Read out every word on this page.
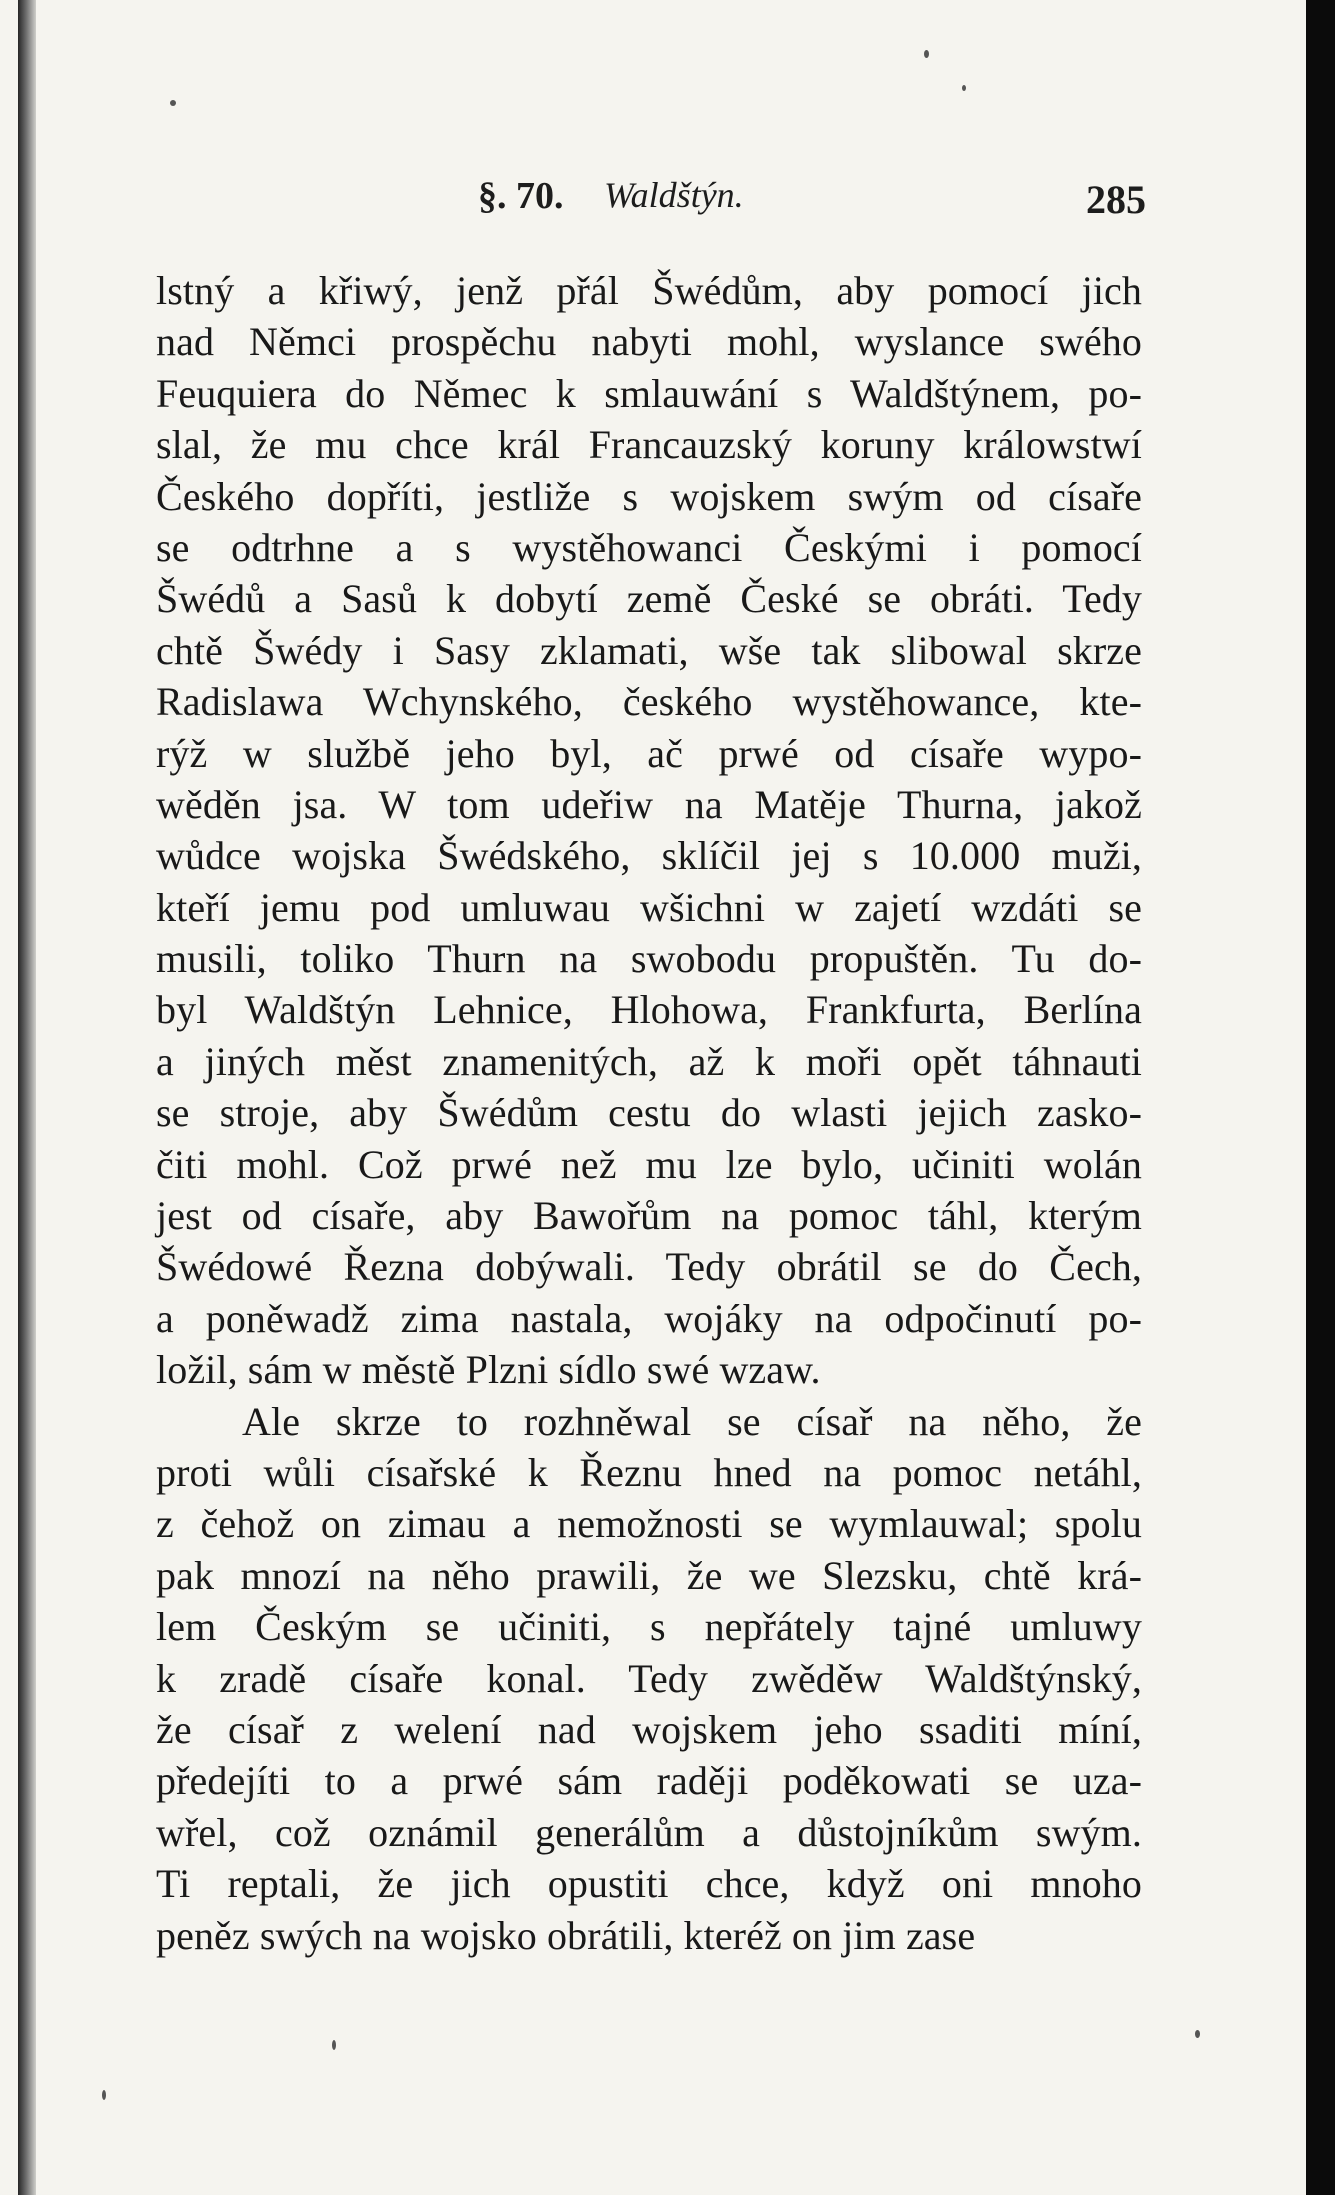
§. 70. Waldštýn.	285
lstný a křiwý, jenž přál Šwédům, aby pomocí jich
nad Němci prospěchu nabyti mohl, wyslance swého
Feuquiera do Němec k smlauwání s Waldštýnem, po-
slal, že mu chce král Francauzský koruny králowstwí
Českého dopříti, jestliže s wojskem swým od císaře
se odtrhne a s wystěhowanci Českými i pomocí
Šwédů a Sasů k dobytí země České se obráti. Tedy
chtě Šwédy i Sasy zklamati, wše tak slibowal skrze
Radislawa Wchynského, českého wystěhowance, kte-
rýž w službě jeho byl, ač prwé od císaře wypo-
wěděn jsa. W tom udeřiw na Matěje Thurna, jakož
wůdce wojska Šwédského, sklíčil jej s 10.000 muži,
kteří jemu pod umluwau wšichni w zajetí wzdáti se
musili, toliko Thurn na swobodu propuštěn. Tu do-
byl Waldštýn Lehnice, Hlohowa, Frankfurta, Berlína
a jiných měst znamenitých, až k moři opět táhnauti
se stroje, aby Šwédům cestu do wlasti jejich zasko-
čiti mohl. Což prwé než mu lze bylo, učiniti wolán
jest od císaře, aby Bawořům na pomoc táhl, kterým
Šwédowé Řezna dobýwali. Tedy obrátil se do Čech,
a poněwadž zima nastala, wojáky na odpočinutí po-
ložil, sám w městě Plzni sídlo swé wzaw.
Ale skrze to rozhněwal se císař na něho, že
proti wůli císařské k Řeznu hned na pomoc netáhl,
z čehož on zimau a nemožnosti se wymlauwal; spolu
pak mnozí na něho prawili, že we Slezsku, chtě krá-
lem Českým se učiniti, s nepřátely tajné umluwy
k zradě císaře konal. Tedy zwěděw Waldštýnský,
že císař z welení nad wojskem jeho ssaditi míní,
předejíti to a prwé sám raději poděkowati se uza-
wřel, což oznámil generálům a důstojníkům swým.
Ti reptali, že jich opustiti chce, když oni mnoho
peněz swých na wojsko obrátili, kteréž on jim zase
